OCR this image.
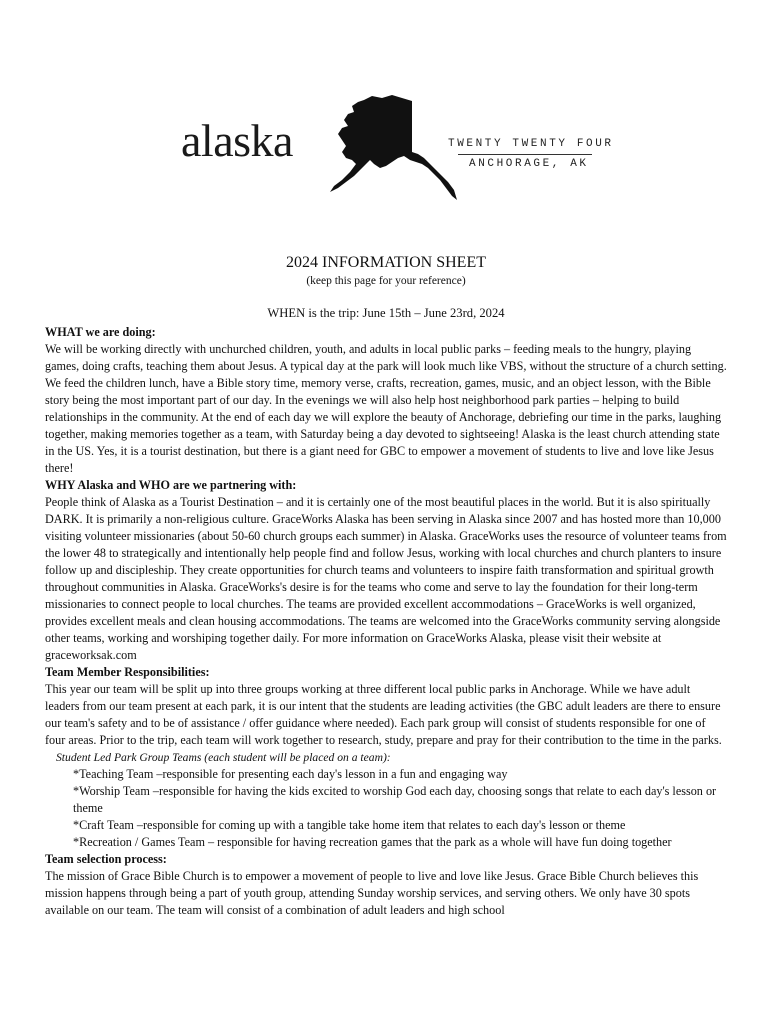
alaska	TWENTY TWENTY FOUR
ANCHORAGE, AK

2024 INFORMATION SHEET

(keep this page for your reference)

WHEN is the trip: June 15th – June 23rd, 2024

WHAT we are doing:

We will be working directly with unchurched children, youth, and adults in local public parks – feeding meals to the hungry, playing games, doing crafts, teaching them about Jesus. A typical day at the park will look much like VBS, without the structure of a church setting. We feed the children lunch, have a Bible story time, memory verse, crafts, recreation, games, music, and an object lesson, with the Bible story being the most important part of our day. In the evenings we will also help host neighborhood park parties – helping to build relationships in the community. At the end of each day we will explore the beauty of Anchorage, debriefing our time in the parks, laughing together, making memories together as a team, with Saturday being a day devoted to sightseeing! Alaska is the least church attending state in the US. Yes, it is a tourist destination, but there is a giant need for GBC to empower a movement of students to live and love like Jesus there!

WHY Alaska and WHO are we partnering with:

People think of Alaska as a Tourist Destination – and it is certainly one of the most beautiful places in the world. But it is also spiritually DARK. It is primarily a non-religious culture. GraceWorks Alaska has been serving in Alaska since 2007 and has hosted more than 10,000 visiting volunteer missionaries (about 50-60 church groups each summer) in Alaska. GraceWorks uses the resource of volunteer teams from the lower 48 to strategically and intentionally help people find and follow Jesus, working with local churches and church planters to insure follow up and discipleship. They create opportunities for church teams and volunteers to inspire faith transformation and spiritual growth throughout communities in Alaska. GraceWorks's desire is for the teams who come and serve to lay the foundation for their long-term missionaries to connect people to local churches. The teams are provided excellent accommodations – GraceWorks is well organized, provides excellent meals and clean housing accommodations. The teams are welcomed into the GraceWorks community serving alongside other teams, working and worshiping together daily. For more information on GraceWorks Alaska, please visit their website at graceworksak.com

Team Member Responsibilities:

This year our team will be split up into three groups working at three different local public parks in Anchorage. While we have adult leaders from our team present at each park, it is our intent that the students are leading activities (the GBC adult leaders are there to ensure our team's safety and to be of assistance / offer guidance where needed). Each park group will consist of students responsible for one of four areas. Prior to the trip, each team will work together to research, study, prepare and pray for their contribution to the time in the parks.

Student Led Park Group Teams (each student will be placed on a team):

*Teaching Team –responsible for presenting each day's lesson in a fun and engaging way
*Worship Team –responsible for having the kids excited to worship God each day, choosing songs that relate to each day's lesson or theme
*Craft Team –responsible for coming up with a tangible take home item that relates to each day's lesson or theme
*Recreation / Games Team – responsible for having recreation games that the park as a whole will have fun doing together

Team selection process:

The mission of Grace Bible Church is to empower a movement of people to live and love like Jesus. Grace Bible Church believes this mission happens through being a part of youth group, attending Sunday worship services, and serving others. We only have 30 spots available on our team. The team will consist of a combination of adult leaders and high school
